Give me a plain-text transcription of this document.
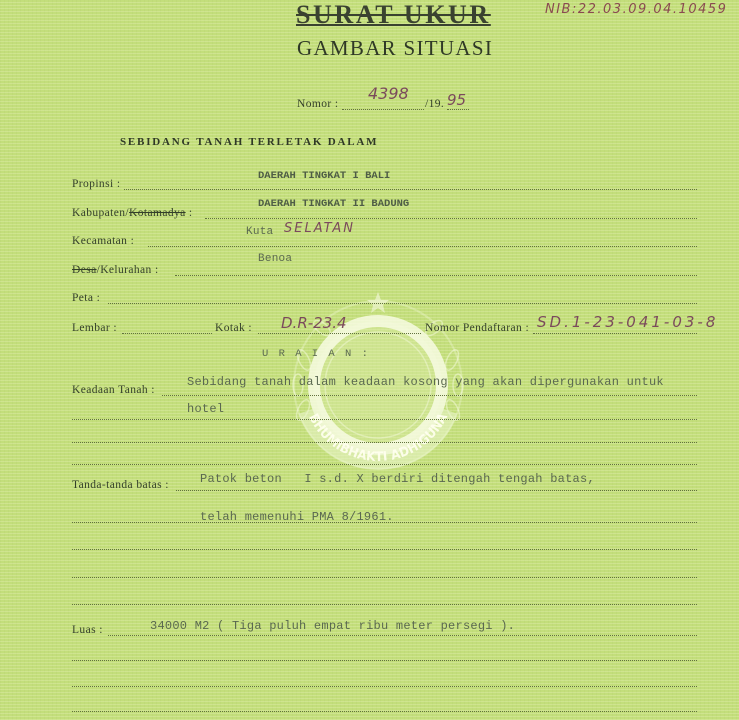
BHUMIBHAKTI ADHIGUNA
SURAT UKUR	NIB:22.03.09.04.10459
GAMBAR SITUASI
Nomor :
4398
/19. 95
SEBIDANG TANAH TERLETAK DALAM
Propinsi :
DAERAH TINGKAT I BALI
Kabupaten/Kotamadya :
DAERAH TINGKAT II BADUNG
Kecamatan :
Kuta SELATAN
Desa/Kelurahan :
Benoa
Peta :
Lembar :	Kotak : D.R-23.4	Nomor Pendaftaran : SD.1-23-041-03-8
U R A I A N :
Keadaan Tanah :
Sebidang tanah dalam keadaan kosong yang akan dipergunakan untuk
hotel
Tanda-tanda batas :	Patok beton   I s.d. X berdiri ditengah tengah batas,
telah memenuhi PMA 8/1961.
Luas :	34000 M2 ( Tiga puluh empat ribu meter persegi ).
